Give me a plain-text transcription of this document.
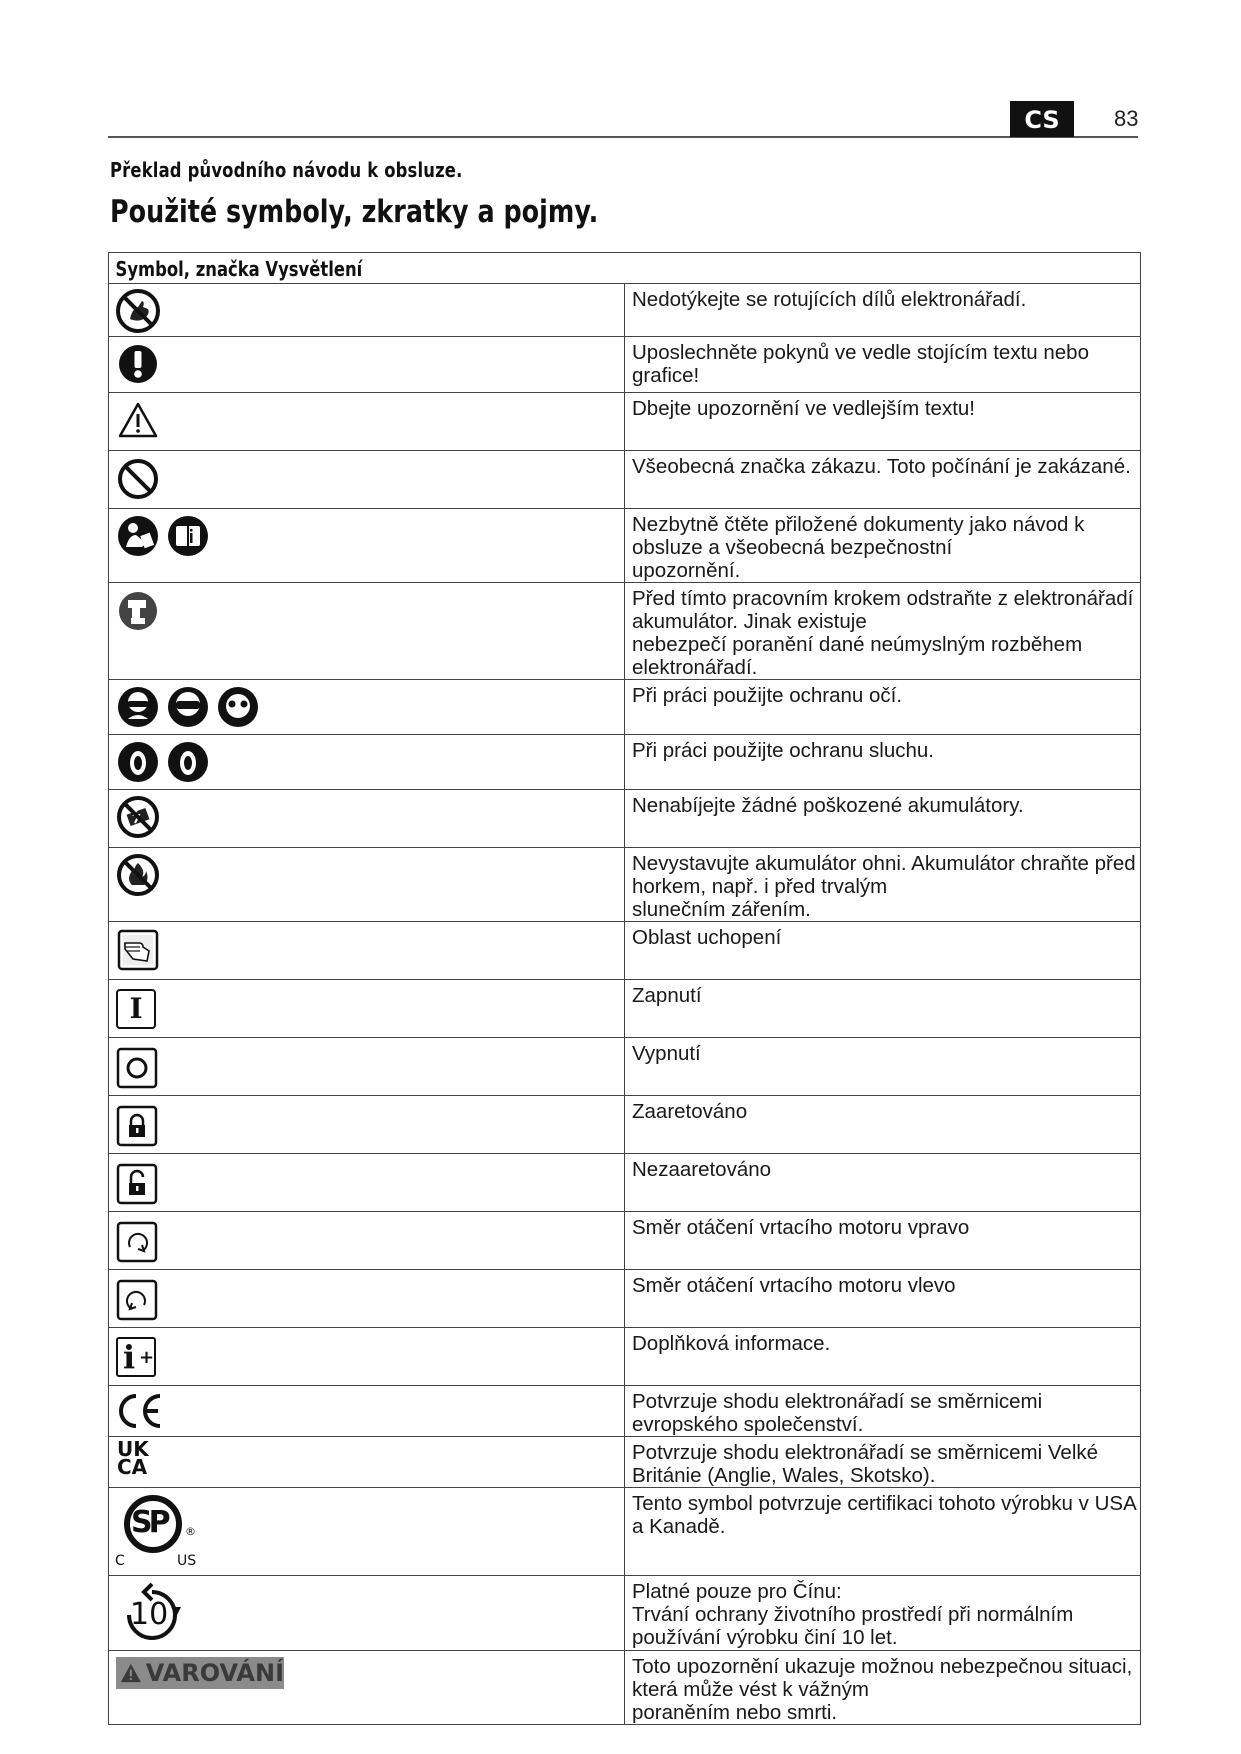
CS	83
Překlad původního návodu k obsluze.
Použité symboly, zkratky a pojmy.
Symbol, značka Vysvětlení	

Nedotýkejte se rotujících dílů elektronářadí.

Uposlechněte pokynů ve vedle stojícím textu nebo grafice!

Dbejte upozornění ve vedlejším textu!

Všeobecná značka zákazu. Toto počínání je zakázané.

Nezbytně čtěte přiložené dokumenty jako návod k obsluze a všeobecná bezpečnostní
upozornění.

Před tímto pracovním krokem odstraňte z elektronářadí akumulátor. Jinak existuje
nebezpečí poranění dané neúmyslným rozběhem elektronářadí.

Při práci použijte ochranu očí.

Při práci použijte ochranu sluchu.

Nenabíjejte žádné poškozené akumulátory.

Nevystavujte akumulátor ohni. Akumulátor chraňte před horkem, např. i před trvalým
slunečním zářením.

Oblast uchopení

I	Zapnutí

Vypnutí

Zaaretováno

Nezaaretováno

Směr otáčení vrtacího motoru vpravo

Směr otáčení vrtacího motoru vlevo

i +	Doplňková informace.

Potvrzuje shodu elektronářadí se směrnicemi evropského společenství.

UK
CA	Potvrzuje shodu elektronářadí se směrnicemi Velké Británie (Anglie, Wales, Skotsko).

SP ®
C US	Tento symbol potvrzuje certifikaci tohoto výrobku v USA a Kanadě.

10	Platné pouze pro Čínu:
Trvání ochrany životního prostředí při normálním používání výrobku činí 10 let.

VAROVÁNÍ	Toto upozornění ukazuje možnou nebezpečnou situaci, která může vést k vážným
poraněním nebo smrti.
